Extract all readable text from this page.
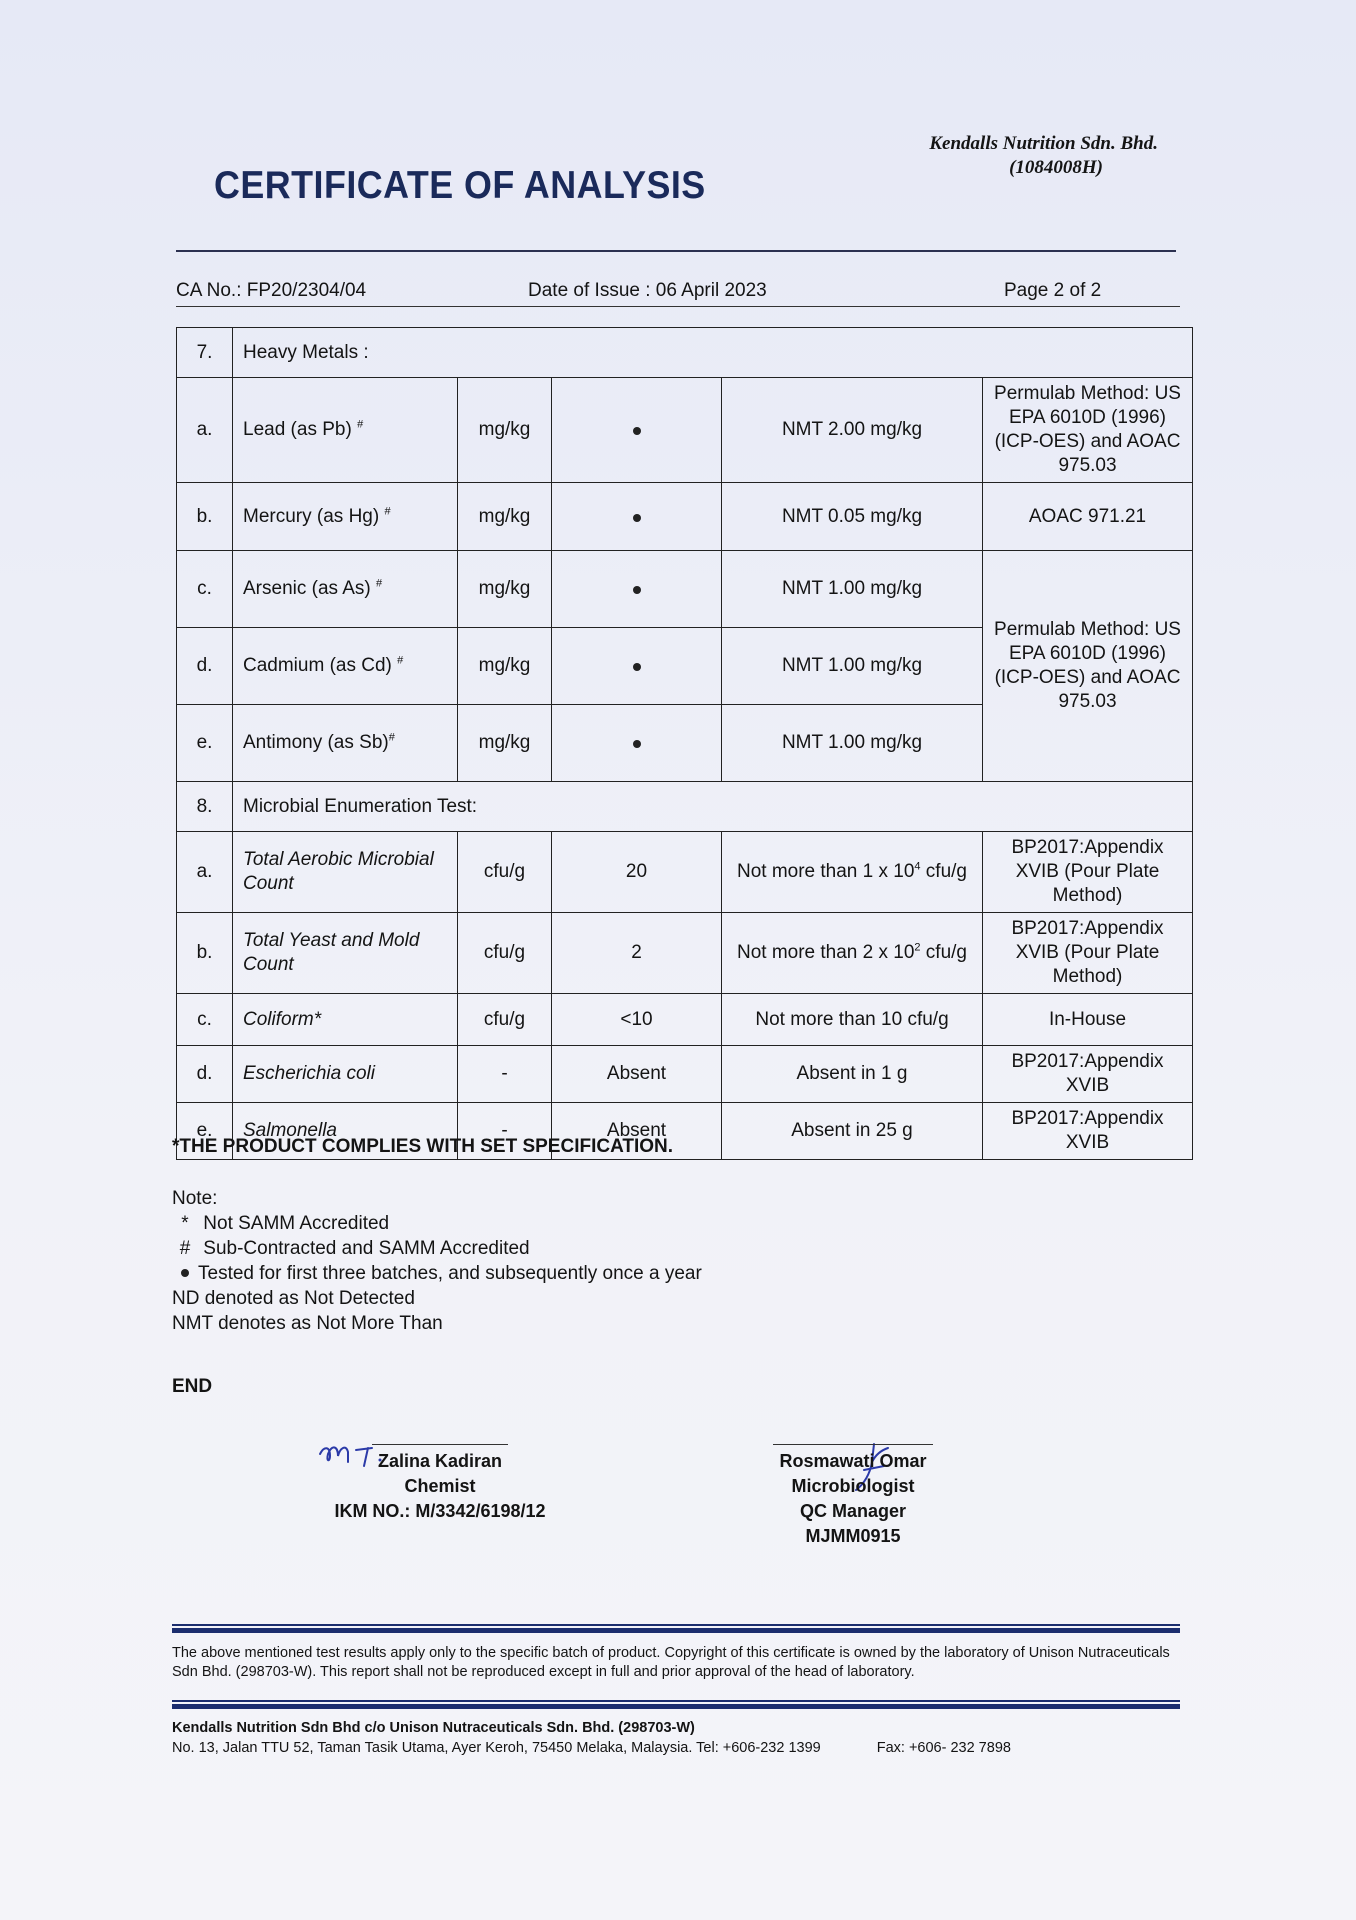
Kendalls Nutrition Sdn. Bhd.
(1084008H)
CERTIFICATE OF ANALYSIS
CA No.: FP20/2304/04	Date of Issue : 06 April 2023	Page 2 of 2
7.	Heavy Metals :				
a.	Lead (as Pb) #	mg/kg		NMT 2.00 mg/kg	Permulab Method: US EPA 6010D (1996)(ICP-OES) and AOAC 975.03
b.	Mercury (as Hg) #	mg/kg		NMT 0.05 mg/kg	AOAC 971.21
c.	Arsenic (as As) #	mg/kg		NMT 1.00 mg/kg	Permulab Method: US EPA 6010D (1996)(ICP-OES) and AOAC 975.03
d.	Cadmium (as Cd) #	mg/kg		NMT 1.00 mg/kg	
e.	Antimony (as Sb)#	mg/kg		NMT 1.00 mg/kg	
8.	Microbial Enumeration Test:				
a.	Total Aerobic Microbial Count	cfu/g	20	Not more than 1 x $10^4$ cfu/g	BP2017:Appendix XVIB (Pour Plate Method)
b.	Total Yeast and Mold Count	cfu/g	2	Not more than 2 x $10^2$ cfu/g	BP2017:Appendix XVIB (Pour Plate Method)
c.	Coliform*	cfu/g	<10	Not more than 10 cfu/g	In-House
d.	Escherichia coli	-	Absent	Absent in 1 g	BP2017:Appendix XVIB
e.	Salmonella	-	Absent	Absent in 25 g	BP2017:Appendix XVIB
*THE PRODUCT COMPLIES WITH SET SPECIFICATION.
Note:
* Not SAMM Accredited
# Sub-Contracted and SAMM Accredited
Tested for first three batches, and subsequently once a year
ND denoted as Not Detected
NMT denotes as Not More Than
END
Zalina Kadiran
Chemist
IKM NO.: M/3342/6198/12
Rosmawati Omar
Microbiologist
QC Manager
MJMM0915
The above mentioned test results apply only to the specific batch of product. Copyright of this certificate is owned by the laboratory of Unison Nutraceuticals Sdn Bhd. (298703-W). This report shall not be reproduced except in full and prior approval of the head of laboratory.
Kendalls Nutrition Sdn Bhd c/o Unison Nutraceuticals Sdn. Bhd. (298703-W)
No. 13, Jalan TTU 52, Taman Tasik Utama, Ayer Keroh, 75450 Melaka, Malaysia. Tel: +606-232 1399	Fax: +606- 232 7898
